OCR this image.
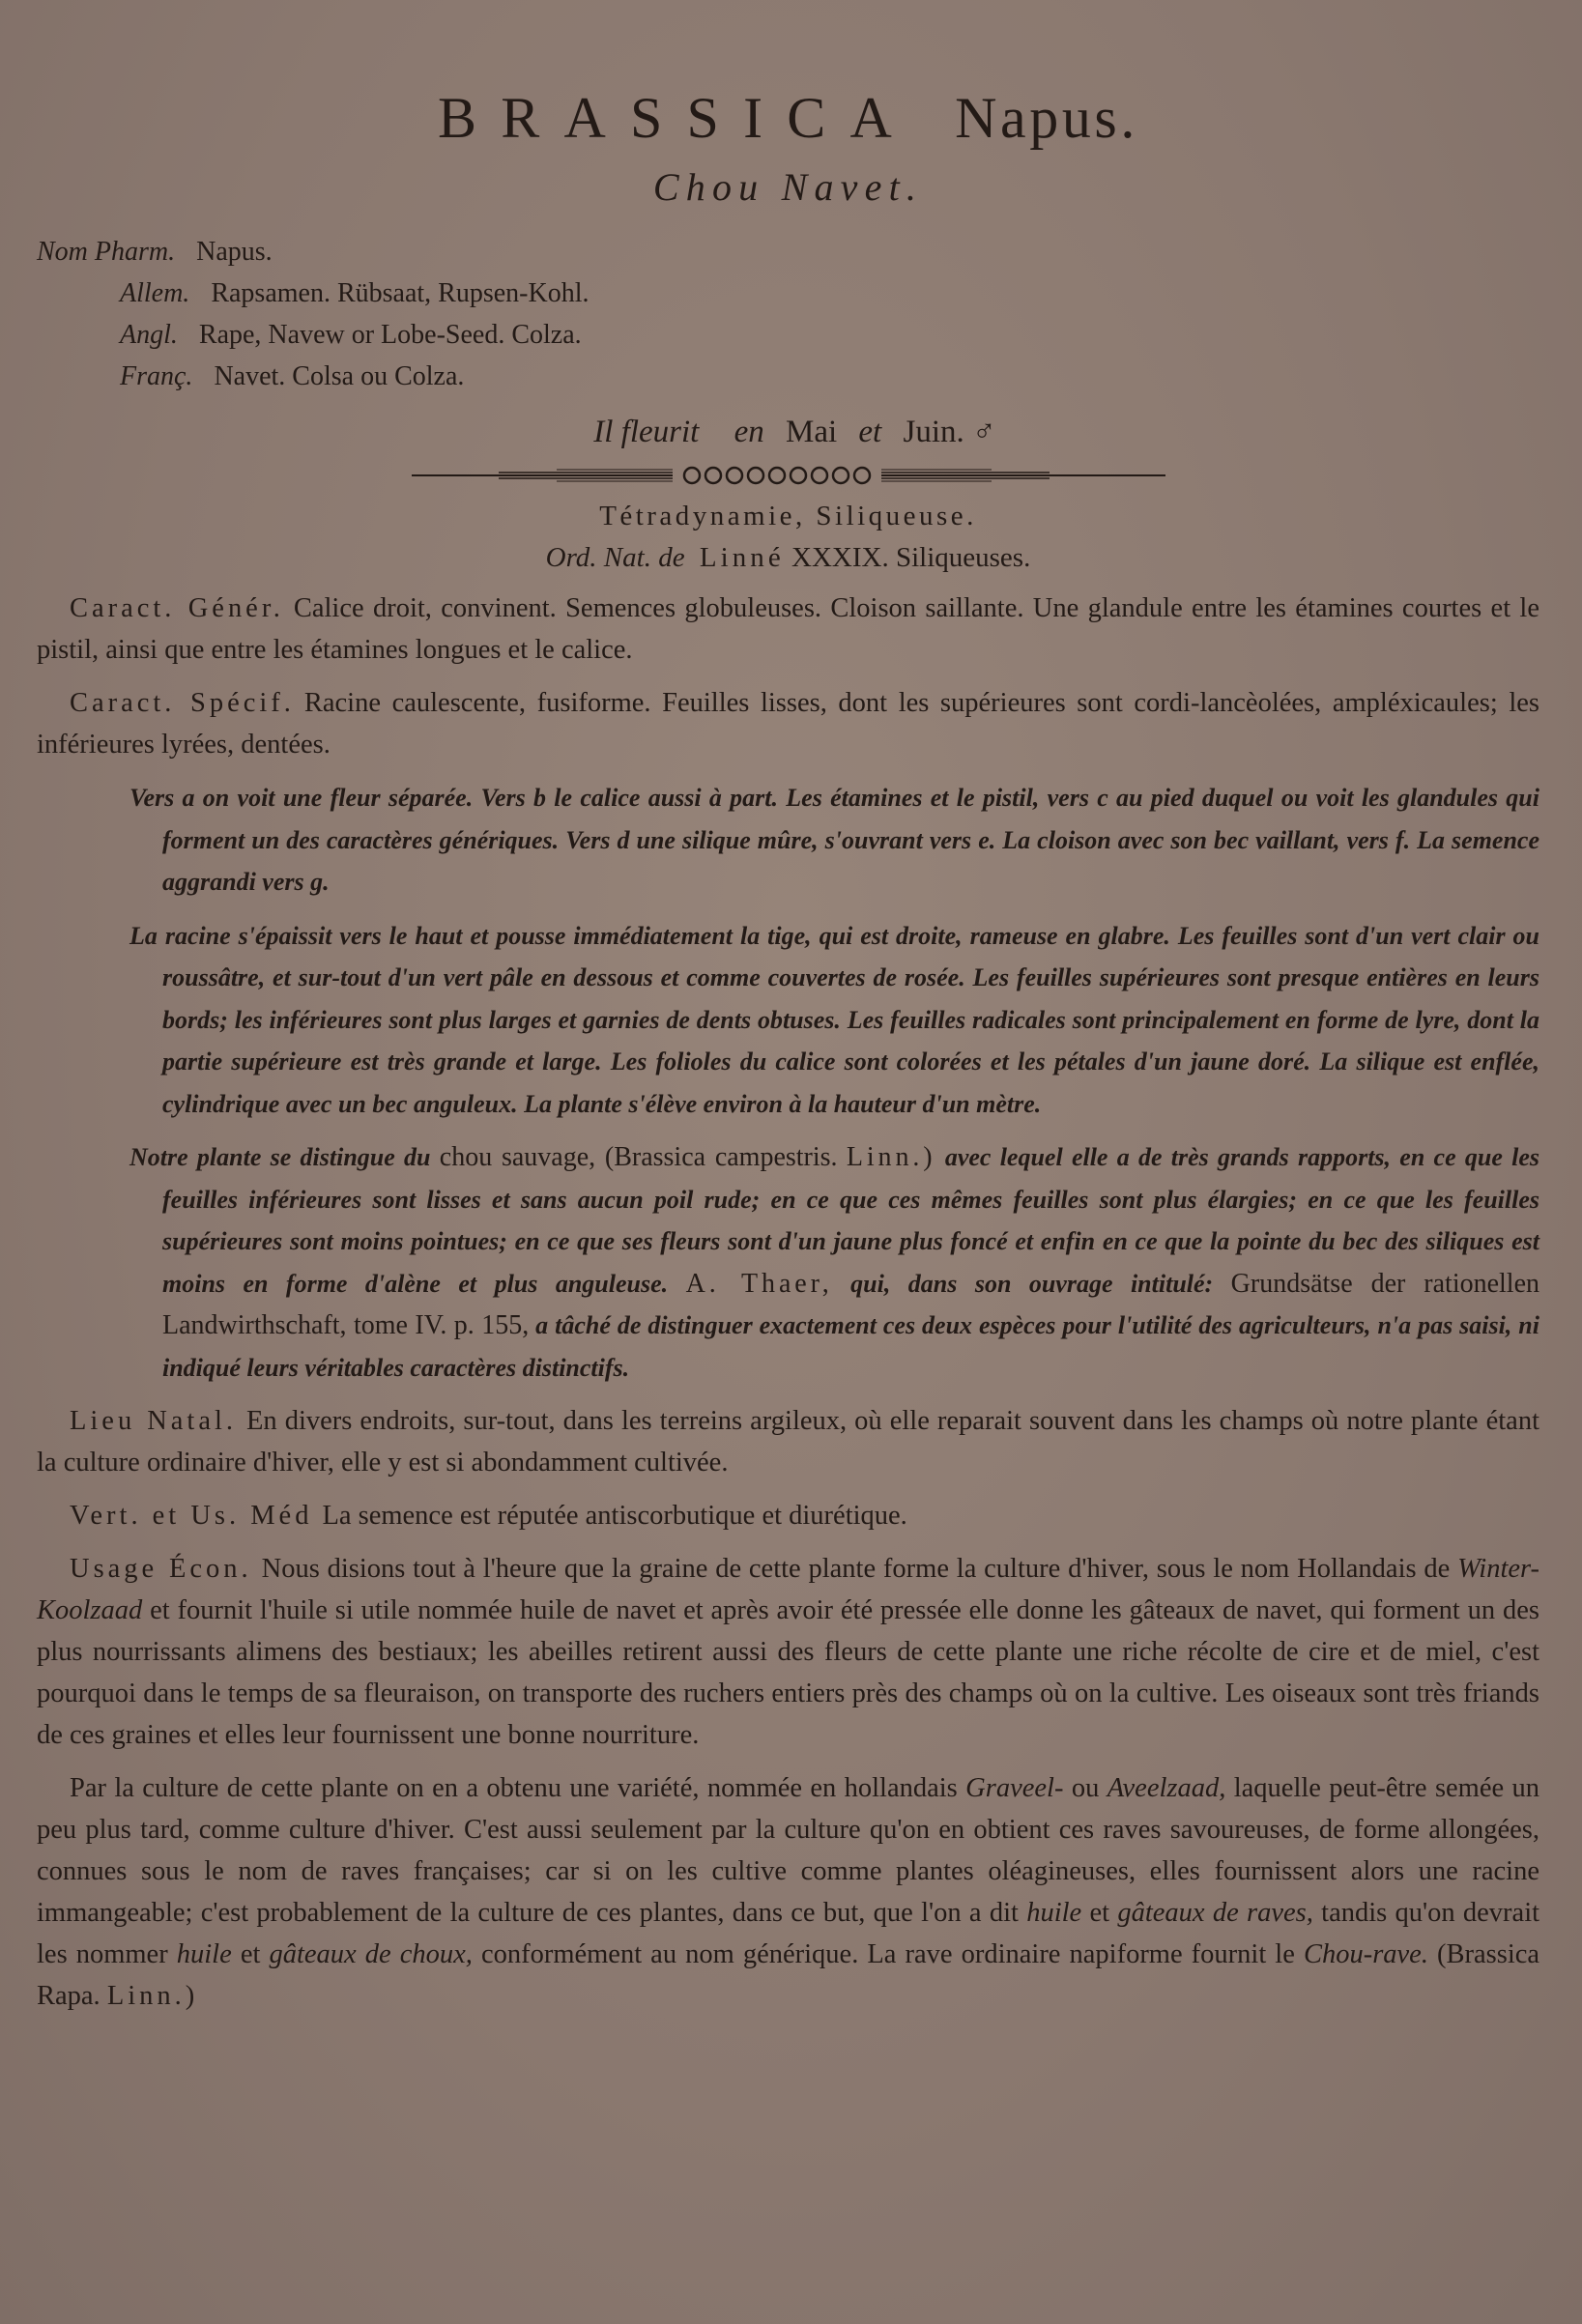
BRASSICA Napus.
Chou Navet.
Nom Pharm. Napus.
Allem. Rapsamen. Rübsaat, Rupsen-Kohl.
Angl. Rape, Navew or Lobe-Seed. Colza.
Franç. Navet. Colsa ou Colza.
Il fleurit en Mai et Juin. ♂
Tétradynamie, Siliqueuse.
Ord. Nat. de Linné XXXIX. Siliqueuses.

Caract. Génér. Calice droit, convinent. Semences globuleuses. Cloison saillante. Une glandule entre les étamines courtes et le pistil, ainsi que entre les étamines longues et le calice.

Caract. Spécif. Racine caulescente, fusiforme. Feuilles lisses, dont les supérieures sont cordi-lancèolées, ampléxicaules; les inférieures lyrées, dentées.

Vers a on voit une fleur séparée. Vers b le calice aussi à part. Les étamines et le pistil, vers c au pied duquel ou voit les glandules qui forment un des caractères génériques. Vers d une silique mûre, s'ouvrant vers e. La cloison avec son bec vaillant, vers f. La semence aggrandi vers g.

La racine s'épaissit vers le haut et pousse immédiatement la tige, qui est droite, rameuse en glabre. Les feuilles sont d'un vert clair ou roussâtre, et sur-tout d'un vert pâle en dessous et comme couvertes de rosée. Les feuilles supérieures sont presque entières en leurs bords; les inférieures sont plus larges et garnies de dents obtuses. Les feuilles radicales sont principalement en forme de lyre, dont la partie supérieure est très grande et large. Les folioles du calice sont colorées et les pétales d'un jaune doré. La silique est enflée, cylindrique avec un bec anguleux. La plante s'élève environ à la hauteur d'un mètre.

Notre plante se distingue du chou sauvage, (Brassica campestris. Linn.) avec lequel elle a de très grands rapports, en ce que les feuilles inférieures sont lisses et sans aucun poil rude; en ce que ces mêmes feuilles sont plus élargies; en ce que les feuilles supérieures sont moins pointues; en ce que ses fleurs sont d'un jaune plus foncé et enfin en ce que la pointe du bec des siliques est moins en forme d'alène et plus anguleuse. A. Thaer, qui, dans son ouvrage intitulé: Grundsätse der rationellen Landwirthschaft, tome IV. p. 155, a tâché de distinguer exactement ces deux espèces pour l'utilité des agriculteurs, n'a pas saisi, ni indiqué leurs véritables caractères distinctifs.

Lieu Natal. En divers endroits, sur-tout, dans les terreins argileux, où elle reparait souvent dans les champs où notre plante étant la culture ordinaire d'hiver, elle y est si abondamment cultivée.

Vert. et Us. Méd La semence est réputée antiscorbutique et diurétique.

Usage Écon. Nous disions tout à l'heure que la graine de cette plante forme la culture d'hiver, sous le nom Hollandais de Winter-Koolzaad et fournit l'huile si utile nommée huile de navet et après avoir été pressée elle donne les gâteaux de navet, qui forment un des plus nourrissants alimens des bestiaux; les abeilles retirent aussi des fleurs de cette plante une riche récolte de cire et de miel, c'est pourquoi dans le temps de sa fleuraison, on transporte des ruchers entiers près des champs où on la cultive. Les oiseaux sont très friands de ces graines et elles leur fournissent une bonne nourriture.

Par la culture de cette plante on en a obtenu une variété, nommée en hollandais Graveel- ou Aveelzaad, laquelle peut-être semée un peu plus tard, comme culture d'hiver. C'est aussi seulement par la culture qu'on en obtient ces raves savoureuses, de forme allongées, connues sous le nom de raves françaises; car si on les cultive comme plantes oléagineuses, elles fournissent alors une racine immangeable; c'est probablement de la culture de ces plantes, dans ce but, que l'on a dit huile et gâteaux de raves, tandis qu'on devrait les nommer huile et gâteaux de choux, conformément au nom générique. La rave ordinaire napiforme fournit le Chou-rave. (Brassica Rapa. Linn.)
